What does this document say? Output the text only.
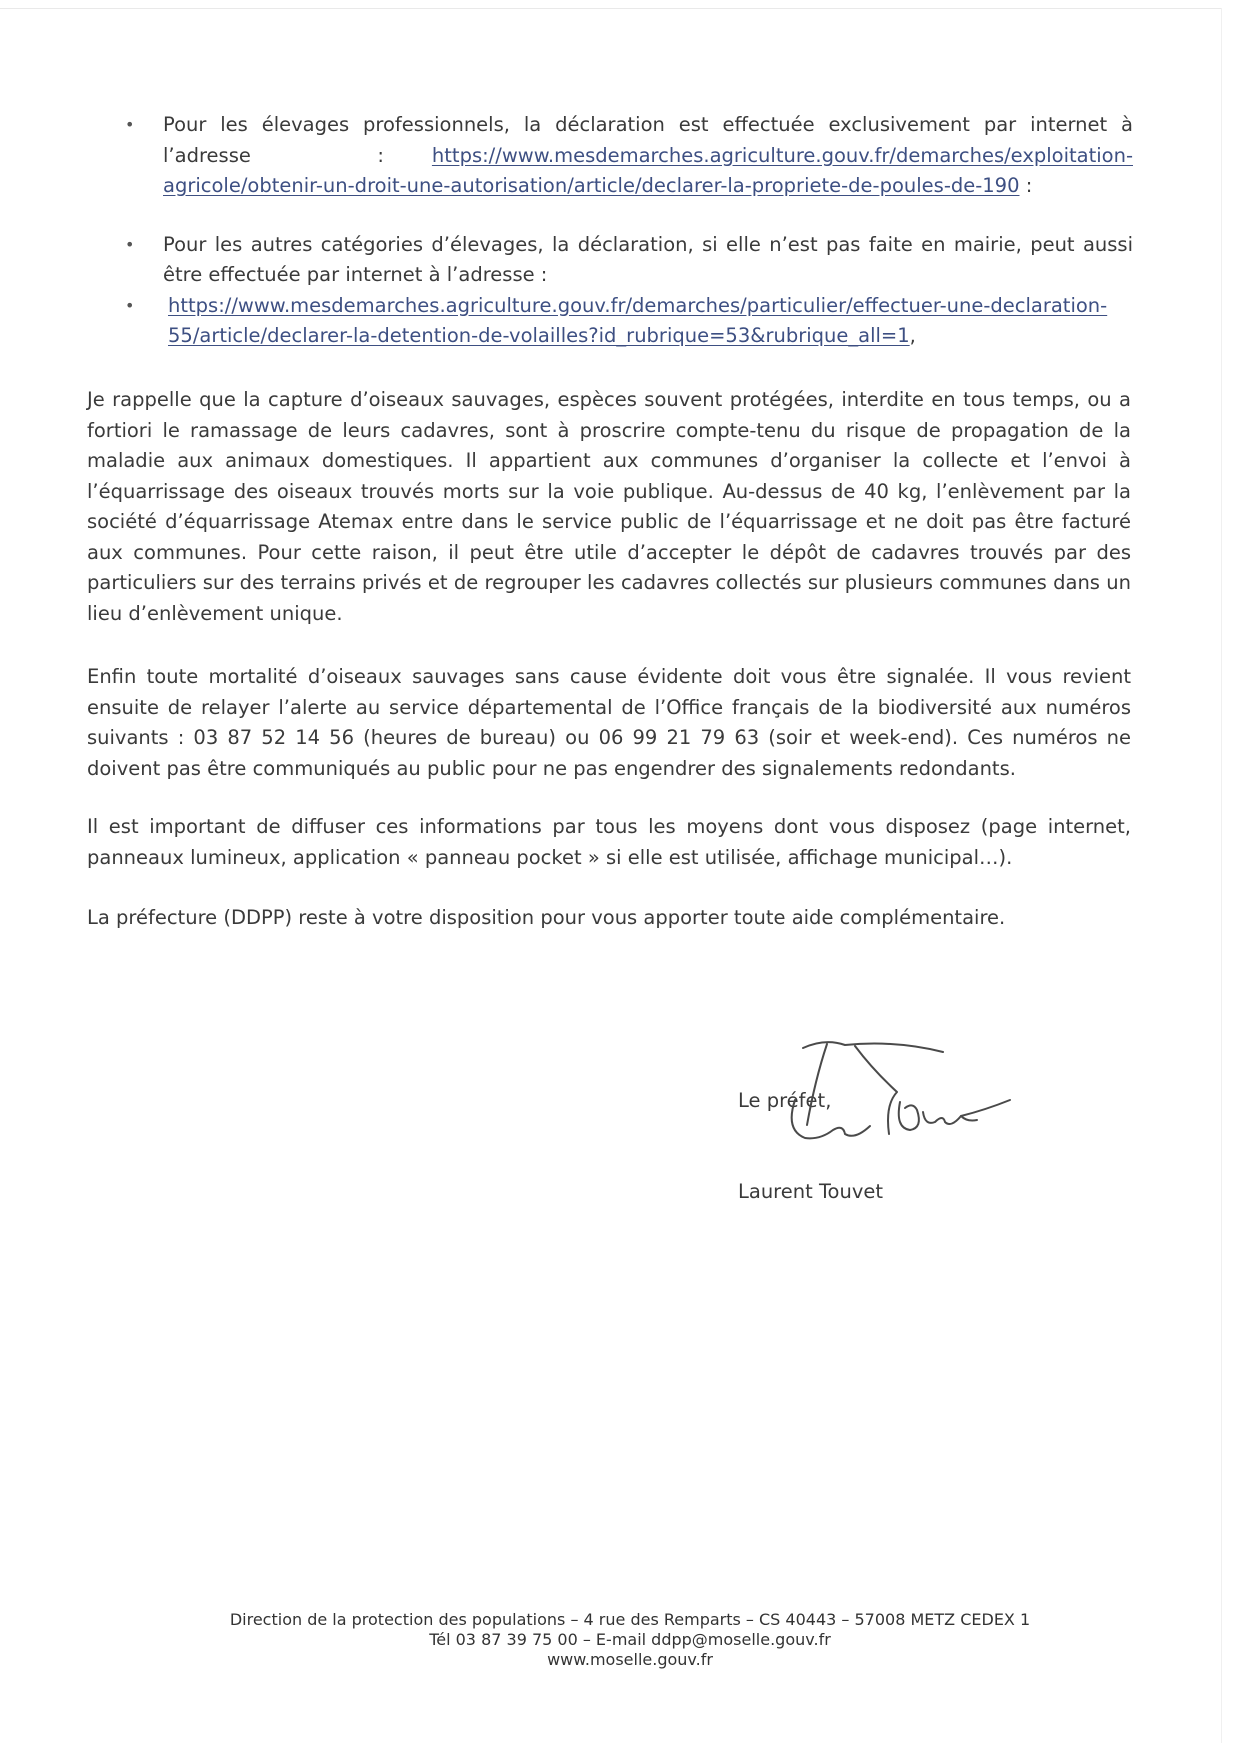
• Pour les élevages professionnels, la déclaration est effectuée exclusivement par internet à l’adresse : https://www.mesdemarches.agriculture.gouv.fr/demarches/exploitation-agricole/obtenir-un-droit-une-autorisation/article/declarer-la-propriete-de-poules-de-190 :
• Pour les autres catégories d’élevages, la déclaration, si elle n’est pas faite en mairie, peut aussi être effectuée par internet à l’adresse :
• https://www.mesdemarches.agriculture.gouv.fr/demarches/particulier/effectuer-une-declaration-55/article/declarer-la-detention-de-volailles?id_rubrique=53&rubrique_all=1,

Je rappelle que la capture d’oiseaux sauvages, espèces souvent protégées, interdite en tous temps, ou a fortiori le ramassage de leurs cadavres, sont à proscrire compte-tenu du risque de propagation de la maladie aux animaux domestiques. Il appartient aux communes d’organiser la collecte et l’envoi à l’équarrissage des oiseaux trouvés morts sur la voie publique. Au-dessus de 40 kg, l’enlèvement par la société d’équarrissage Atemax entre dans le service public de l’équarrissage et ne doit pas être facturé aux communes. Pour cette raison, il peut être utile d’accepter le dépôt de cadavres trouvés par des particuliers sur des terrains privés et de regrouper les cadavres collectés sur plusieurs communes dans un lieu d’enlèvement unique.

Enfin toute mortalité d’oiseaux sauvages sans cause évidente doit vous être signalée. Il vous revient ensuite de relayer l’alerte au service départemental de l’Office français de la biodiversité aux numéros suivants : 03 87 52 14 56 (heures de bureau) ou 06 99 21 79 63 (soir et week-end). Ces numéros ne doivent pas être communiqués au public pour ne pas engendrer des signalements redondants.

Il est important de diffuser ces informations par tous les moyens dont vous disposez (page internet, panneaux lumineux, application « panneau pocket » si elle est utilisée, affichage municipal…).

La préfecture (DDPP) reste à votre disposition pour vous apporter toute aide complémentaire.

Le préfet,
Laurent Touvet
Direction de la protection des populations – 4 rue des Remparts – CS 40443 – 57008 METZ CEDEX 1
Tél 03 87 39 75 00 – E-mail ddpp@moselle.gouv.fr
www.moselle.gouv.fr
